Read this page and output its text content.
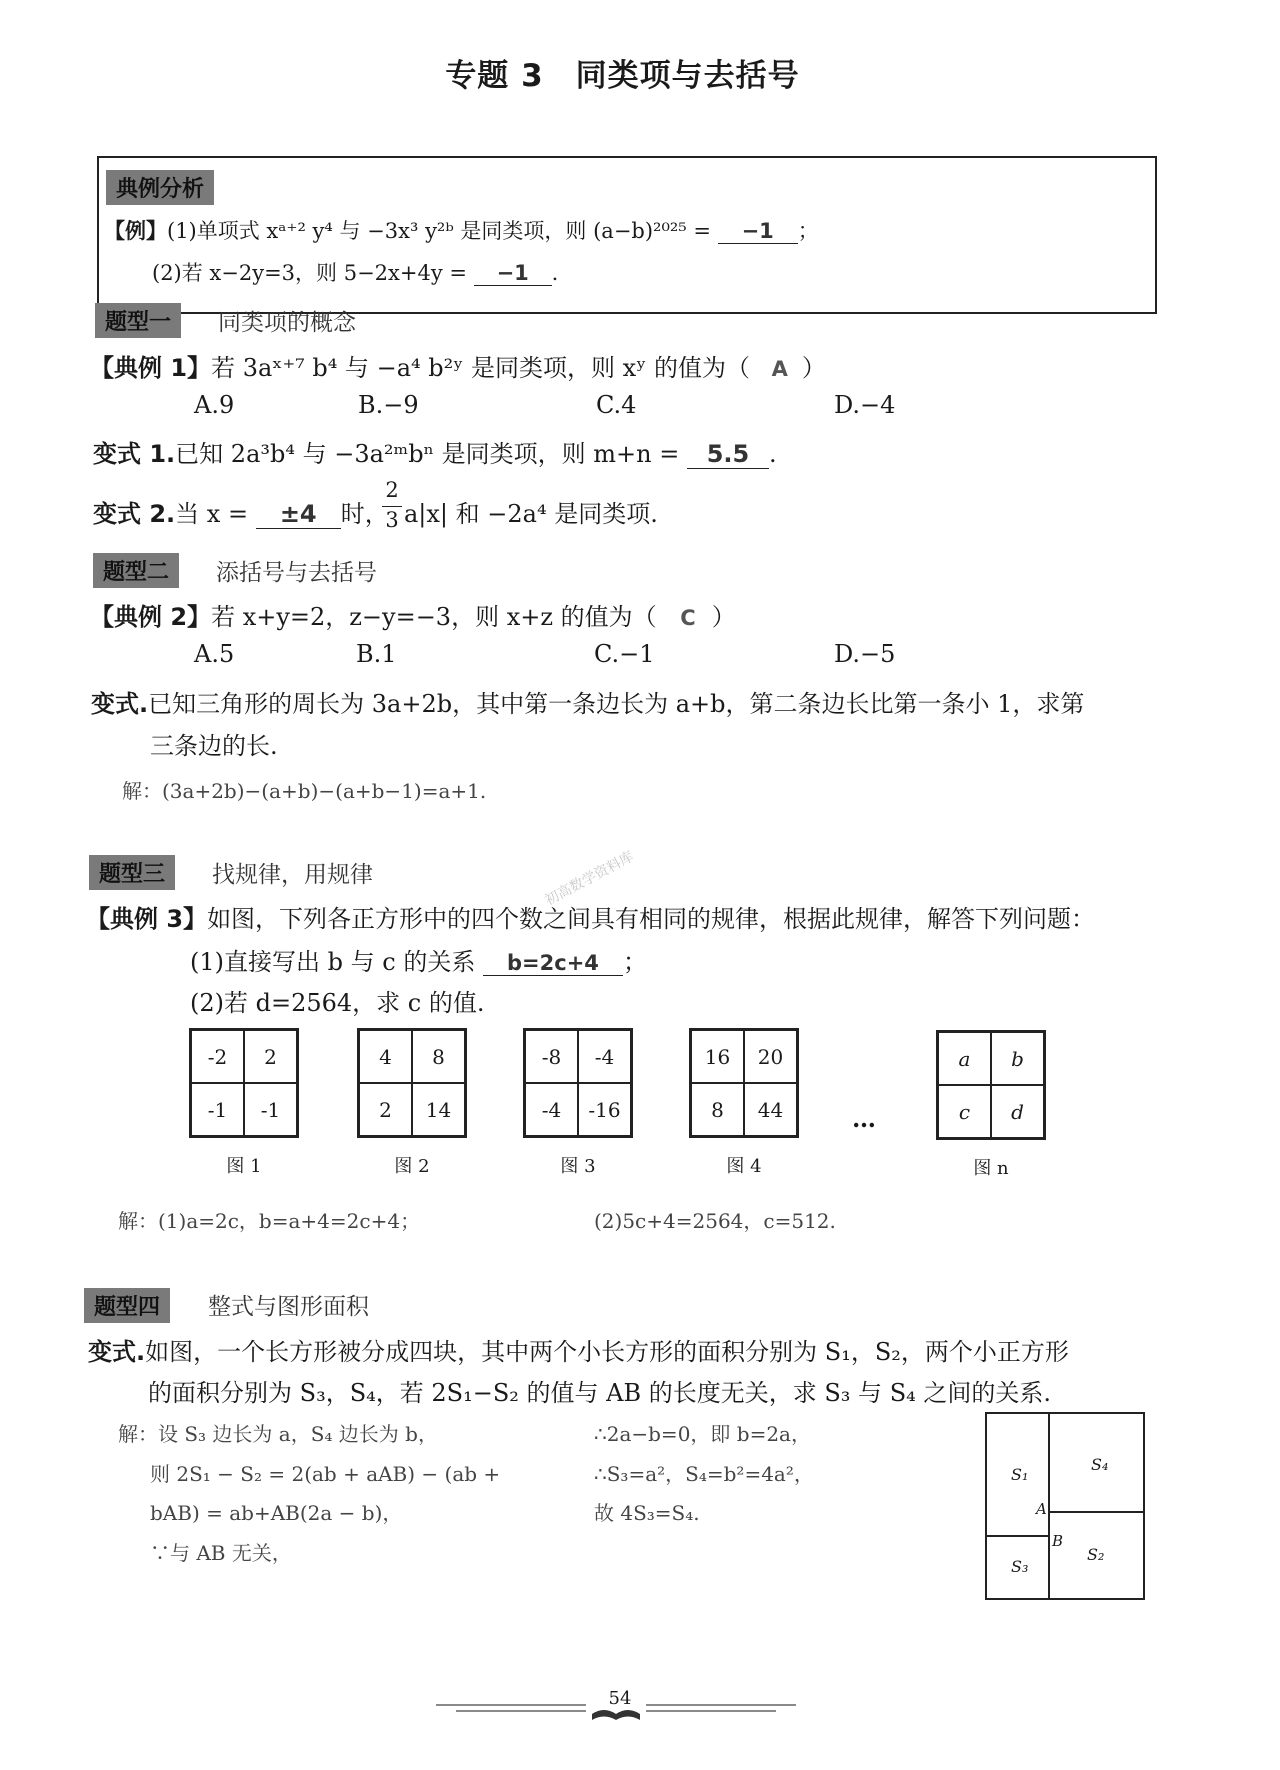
专题 3　同类项与去括号
典例分析
【例】(1)单项式 xᵃ⁺² y⁴ 与 −3x³ y²ᵇ 是同类项，则 (a−b)²⁰²⁵ = −1 ；
(2)若 x−2y=3，则 5−2x+4y = −1 .
题型一	同类项的概念
【典例 1】若 3aˣ⁺⁷ b⁴ 与 −a⁴ b²ʸ 是同类项，则 xʸ 的值为（ A ）
A.9	B.−9	C.4	D.−4
变式 1.已知 2a³b⁴ 与 −3a²ᵐbⁿ 是同类项，则 m+n = 5.5 .
变式 2.当 x = ±4 时，
2
3 a|x| 和 −2a⁴ 是同类项.
题型二	添括号与去括号
【典例 2】若 x+y=2，z−y=−3，则 x+z 的值为（ C ）
A.5	B.1	C.−1	D.−5
变式.已知三角形的周长为 3a+2b，其中第一条边长为 a+b，第二条边长比第一条小 1，求第
三条边的长.
解：(3a+2b)−(a+b)−(a+b−1)=a+1.
题型三	找规律，用规律	初高数学资料库
【典例 3】如图，下列各正方形中的四个数之间具有相同的规律，根据此规律，解答下列问题：
(1)直接写出 b 与 c 的关系 b=2c+4 ；
(2)若 d=2564，求 c 的值.
-2	2
-1	-1
图 1
4	8
2	14
图 2
-8	-4
-4	-16
图 3
16	20
8	44
图 4
…
a	b
c	d
图 n
解：(1)a=2c，b=a+4=2c+4；	(2)5c+4=2564，c=512.
题型四	整式与图形面积
变式.如图，一个长方形被分成四块，其中两个小长方形的面积分别为 S₁，S₂，两个小正方形
的面积分别为 S₃，S₄，若 2S₁−S₂ 的值与 AB 的长度无关，求 S₃ 与 S₄ 之间的关系.
解：设 S₃ 边长为 a，S₄ 边长为 b，
则 2S₁ − S₂ = 2(ab + aAB) − (ab +
bAB) = ab+AB(2a − b)，
∵与 AB 无关，
∴2a−b=0，即 b=2a，
∴S₃=a²，S₄=b²=4a²，
故 4S₃=S₄.
S₁
S₄
A
B
S₃
S₂
54
